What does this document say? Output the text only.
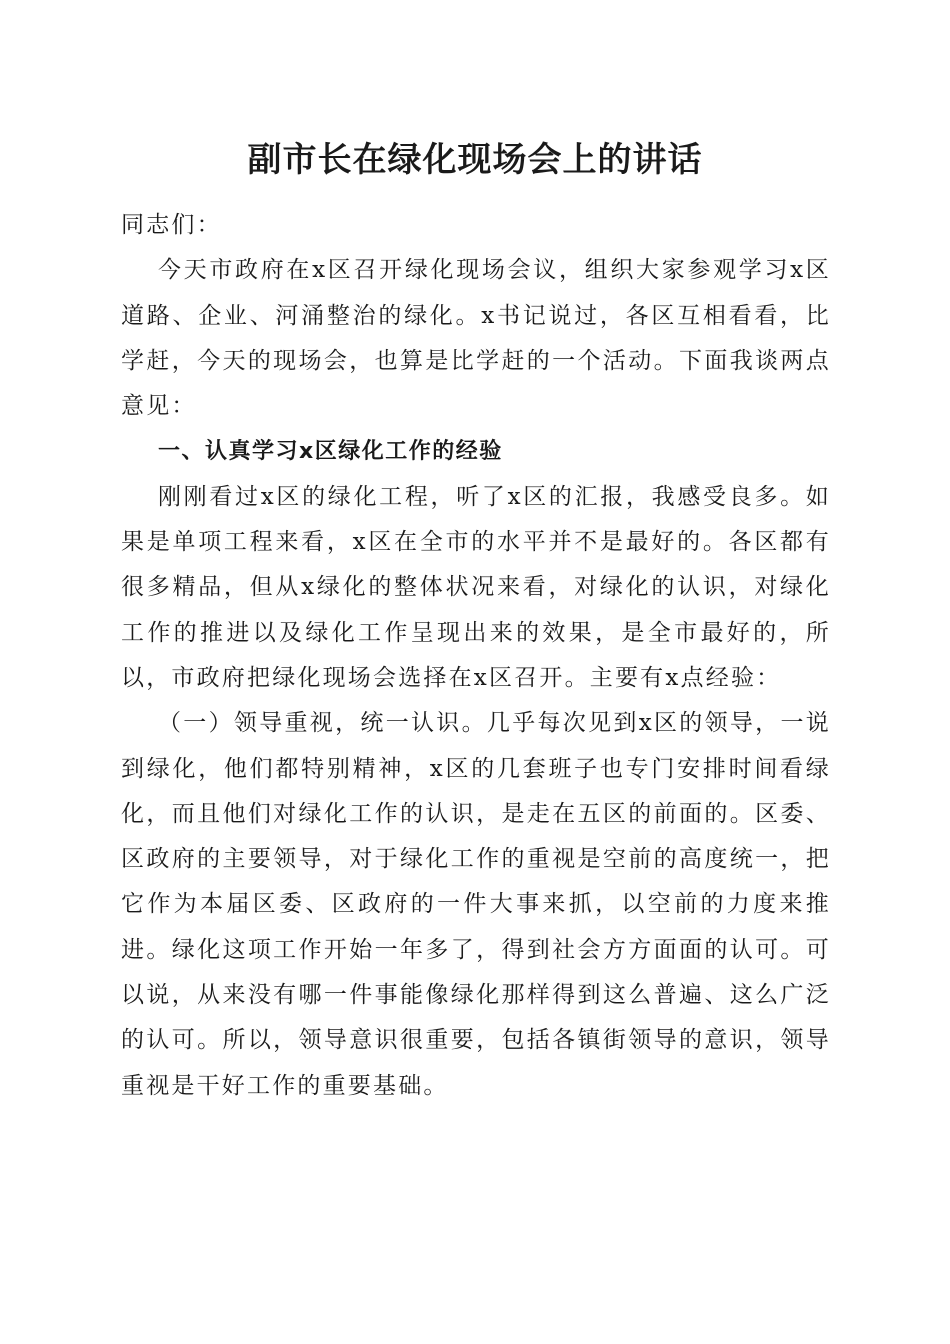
副市长在绿化现场会上的讲话

同志们：

今天市政府在x区召开绿化现场会议，组织大家参观学习x区道路、企业、河涌整治的绿化。x书记说过，各区互相看看，比学赶，今天的现场会，也算是比学赶的一个活动。下面我谈两点意见：

一、认真学习x区绿化工作的经验

刚刚看过x区的绿化工程，听了x区的汇报，我感受良多。如果是单项工程来看，x区在全市的水平并不是最好的。各区都有很多精品，但从x绿化的整体状况来看，对绿化的认识，对绿化工作的推进以及绿化工作呈现出来的效果，是全市最好的，所以，市政府把绿化现场会选择在x区召开。主要有x点经验：

（一）领导重视，统一认识。几乎每次见到x区的领导，一说到绿化，他们都特别精神，x区的几套班子也专门安排时间看绿化，而且他们对绿化工作的认识，是走在五区的前面的。区委、区政府的主要领导，对于绿化工作的重视是空前的高度统一，把它作为本届区委、区政府的一件大事来抓，以空前的力度来推进。绿化这项工作开始一年多了，得到社会方方面面的认可。可以说，从来没有哪一件事能像绿化那样得到这么普遍、这么广泛的认可。所以，领导意识很重要，包括各镇街领导的意识，领导重视是干好工作的重要基础。
